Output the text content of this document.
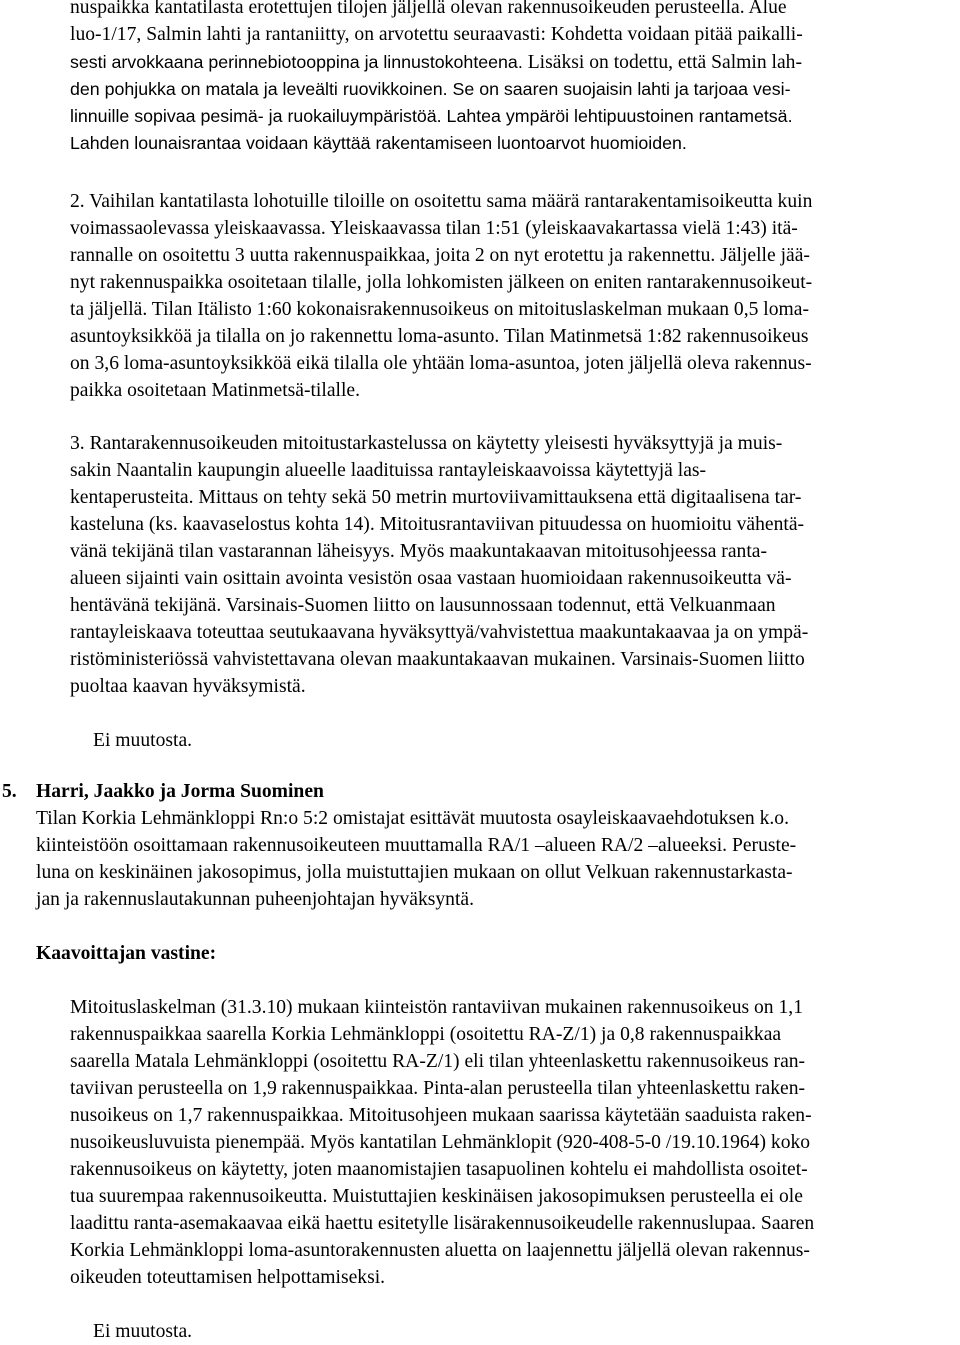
nuspaikka kantatilasta erotettujen tilojen jäljellä olevan rakennusoikeuden perusteella. Alue

luo-1/17, Salmin lahti ja rantaniitty, on arvotettu seuraavasti: Kohdetta voidaan pitää paikalli-

sesti arvokkaana perinnebiotooppina ja linnustokohteena. Lisäksi on todettu, että Salmin lah-

den pohjukka on matala ja leveälti ruovikkoinen. Se on saaren suojaisin lahti ja tarjoaa vesi-

linnuille sopivaa pesimä- ja ruokailuympäristöä. Lahtea ympäröi lehtipuustoinen rantametsä.

Lahden lounaisrantaa voidaan käyttää rakentamiseen luontoarvot huomioiden.

2. Vaihilan kantatilasta lohotuille tiloille on osoitettu sama määrä rantarakentamisoikeutta kuin

voimassaolevassa yleiskaavassa. Yleiskaavassa tilan 1:51 (yleiskaavakartassa vielä 1:43) itä-

rannalle on osoitettu 3 uutta rakennuspaikkaa, joita 2 on nyt erotettu ja rakennettu. Jäljelle jää-

nyt rakennuspaikka osoitetaan tilalle, jolla lohkomisten jälkeen on eniten rantarakennusoikeut-

ta jäljellä. Tilan Itälisto 1:60 kokonaisrakennusoikeus on mitoituslaskelman mukaan 0,5 loma-

asuntoyksikköä ja tilalla on jo rakennettu loma-asunto. Tilan Matinmetsä 1:82 rakennusoikeus

on 3,6 loma-asuntoyksikköä eikä tilalla ole yhtään loma-asuntoa, joten jäljellä oleva rakennus-

paikka osoitetaan Matinmetsä-tilalle.

3. Rantarakennusoikeuden mitoitustarkastelussa on käytetty yleisesti hyväksyttyjä ja muis-

sakin Naantalin kaupungin alueelle laadituissa rantayleiskaavoissa käytettyjä las-

kentaperusteita. Mittaus on tehty sekä 50 metrin murtoviivamittauksena että digitaalisena tar-

kasteluna (ks. kaavaselostus kohta 14). Mitoitusrantaviivan pituudessa on huomioitu vähentä-

vänä tekijänä tilan vastarannan läheisyys. Myös maakuntakaavan mitoitusohjeessa ranta-

alueen sijainti vain osittain avointa vesistön osaa vastaan huomioidaan rakennusoikeutta vä-

hentävänä tekijänä. Varsinais-Suomen liitto on lausunnossaan todennut, että Velkuanmaan

rantayleiskaava toteuttaa seutukaavana hyväksyttyä/vahvistettua maakuntakaavaa ja on ympä-

ristöministeriössä vahvistettavana olevan maakuntakaavan mukainen. Varsinais-Suomen liitto

puoltaa kaavan hyväksymistä.

Ei muutosta.

5. Harri, Jaakko ja Jorma Suominen

Tilan Korkia Lehmänkloppi Rn:o 5:2 omistajat esittävät muutosta osayleiskaavaehdotuksen k.o.

kiinteistöön osoittamaan rakennusoikeuteen muuttamalla RA/1 –alueen RA/2 –alueeksi. Peruste-

luna on keskinäinen jakosopimus, jolla muistuttajien mukaan on ollut Velkuan rakennustarkasta-

jan ja rakennuslautakunnan puheenjohtajan hyväksyntä.

Kaavoittajan vastine:

Mitoituslaskelman (31.3.10) mukaan kiinteistön rantaviivan mukainen rakennusoikeus on 1,1

rakennuspaikkaa saarella Korkia Lehmänkloppi (osoitettu RA-Z/1) ja 0,8 rakennuspaikkaa

saarella Matala Lehmänkloppi (osoitettu RA-Z/1) eli tilan yhteenlaskettu rakennusoikeus ran-

taviivan perusteella on 1,9 rakennuspaikkaa. Pinta-alan perusteella tilan yhteenlaskettu raken-

nusoikeus on 1,7 rakennuspaikkaa. Mitoitusohjeen mukaan saarissa käytetään saaduista raken-

nusoikeusluvuista pienempää. Myös kantatilan Lehmänklopit (920-408-5-0 /19.10.1964) koko

rakennusoikeus on käytetty, joten maanomistajien tasapuolinen kohtelu ei mahdollista osoitet-

tua suurempaa rakennusoikeutta. Muistuttajien keskinäisen jakosopimuksen perusteella ei ole

laadittu ranta-asemakaavaa eikä haettu esitetylle lisärakennusoikeudelle rakennuslupaa. Saaren

Korkia Lehmänkloppi loma-asuntorakennusten aluetta on laajennettu jäljellä olevan rakennus-

oikeuden toteuttamisen helpottamiseksi.

Ei muutosta.
